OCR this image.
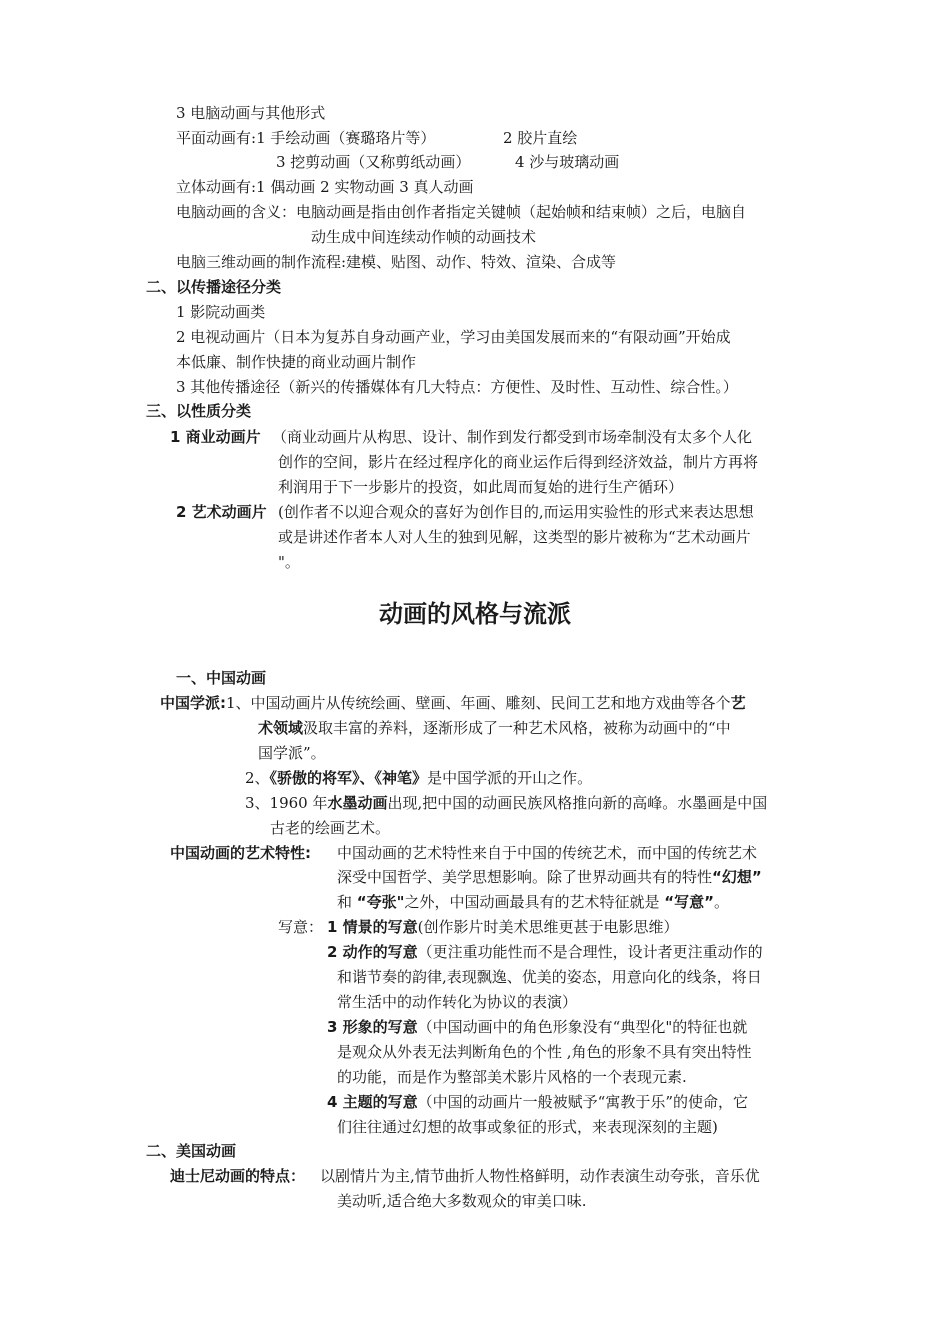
3 电脑动画与其他形式
平面动画有:1 手绘动画（赛璐珞片等）	2 胶片直绘
3 挖剪动画（又称剪纸动画）	4 沙与玻璃动画
立体动画有:1 偶动画 2 实物动画 3 真人动画
电脑动画的含义：电脑动画是指由创作者指定关键帧（起始帧和结束帧）之后，电脑自
动生成中间连续动作帧的动画技术
电脑三维动画的制作流程:建模、贴图、动作、特效、渲染、合成等
二、以传播途径分类
1 影院动画类
2 电视动画片（日本为复苏自身动画产业，学习由美国发展而来的“有限动画”开始成
本低廉、制作快捷的商业动画片制作
3 其他传播途径（新兴的传播媒体有几大特点：方便性、及时性、互动性、综合性。）
三、以性质分类
1 商业动画片 （商业动画片从构思、设计、制作到发行都受到市场牵制没有太多个人化
创作的空间，影片在经过程序化的商业运作后得到经济效益，制片方再将
利润用于下一步影片的投资，如此周而复始的进行生产循环）
2 艺术动画片 (创作者不以迎合观众的喜好为创作目的,而运用实验性的形式来表达思想
或是讲述作者本人对人生的独到见解，这类型的影片被称为“艺术动画片
"。
动画的风格与流派
一、中国动画
中国学派:1、中国动画片从传统绘画、壁画、年画、雕刻、民间工艺和地方戏曲等各个艺
术领域汲取丰富的养料，逐渐形成了一种艺术风格，被称为动画中的“中
国学派”。
2、《骄傲的将军》、《神笔》是中国学派的开山之作。
3、1960 年水墨动画出现,把中国的动画民族风格推向新的高峰。水墨画是中国
古老的绘画艺术。
中国动画的艺术特性: 中国动画的艺术特性来自于中国的传统艺术，而中国的传统艺术
深受中国哲学、美学思想影响。除了世界动画共有的特性“幻想”
和 “夸张"之外，中国动画最具有的艺术特征就是 “写意”。
写意： 1 情景的写意(创作影片时美术思维更甚于电影思维）
2 动作的写意（更注重功能性而不是合理性，设计者更注重动作的
和谐节奏的韵律,表现飘逸、优美的姿态，用意向化的线条，将日
常生活中的动作转化为协议的表演）
3 形象的写意（中国动画中的角色形象没有“典型化"的特征也就
是观众从外表无法判断角色的个性 ,角色的形象不具有突出特性
的功能，而是作为整部美术影片风格的一个表现元素.
4 主题的写意（中国的动画片一般被赋予“寓教于乐”的使命，它
们往往通过幻想的故事或象征的形式，来表现深刻的主题)
二、美国动画
迪士尼动画的特点： 以剧情片为主,情节曲折人物性格鲜明，动作表演生动夸张，音乐优
美动听,适合绝大多数观众的审美口味.
